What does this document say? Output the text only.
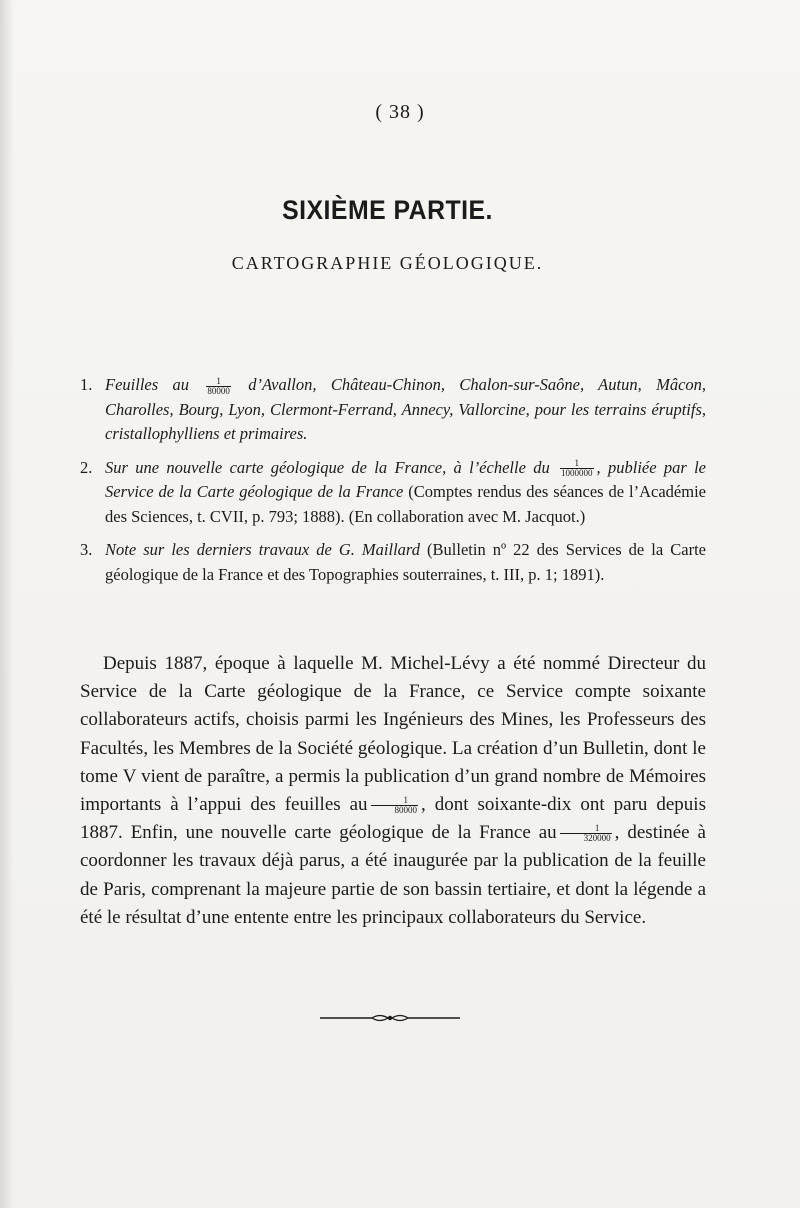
( 38 )
SIXIÈME PARTIE.
CARTOGRAPHIE GÉOLOGIQUE.
1. Feuilles au $\frac{1}{80000}$ d’Avallon, Château-Chinon, Chalon-sur-Saône, Autun, Mâcon, Charolles, Bourg, Lyon, Clermont-Ferrand, Annecy, Vallorcine, pour les terrains éruptifs, cristallophylliens et primaires.
2. Sur une nouvelle carte géologique de la France, à l’échelle du $\frac{1}{1000000}$ , publiée par le Service de la Carte géologique de la France (Comptes rendus des séances de l’Académie des Sciences, t. CVII, p. 793; 1888). (En collaboration avec M. Jacquot.)
3. Note sur les derniers travaux de G. Maillard (Bulletin nº 22 des Services de la Carte géologique de la France et des Topographies souterraines, t. III, p. 1; 1891).

Depuis 1887, époque à laquelle M. Michel-Lévy a été nommé Directeur du Service de la Carte géologique de la France, ce Service compte soixante collaborateurs actifs, choisis parmi les Ingénieurs des Mines, les Professeurs des Facultés, les Membres de la Société géologique. La création d’un Bulletin, dont le tome V vient de paraître, a permis la publication d’un grand nombre de Mémoires importants à l’appui des feuilles au $\frac{1}{80000}$ , dont soixante-dix ont paru depuis 1887. Enfin, une nouvelle carte géologique de la France au $\frac{1}{320000}$ , destinée à coordonner les travaux déjà parus, a été inaugurée par la publication de la feuille de Paris, comprenant la majeure partie de son bassin tertiaire, et dont la légende a été le résultat d’une entente entre les principaux collaborateurs du Service.
